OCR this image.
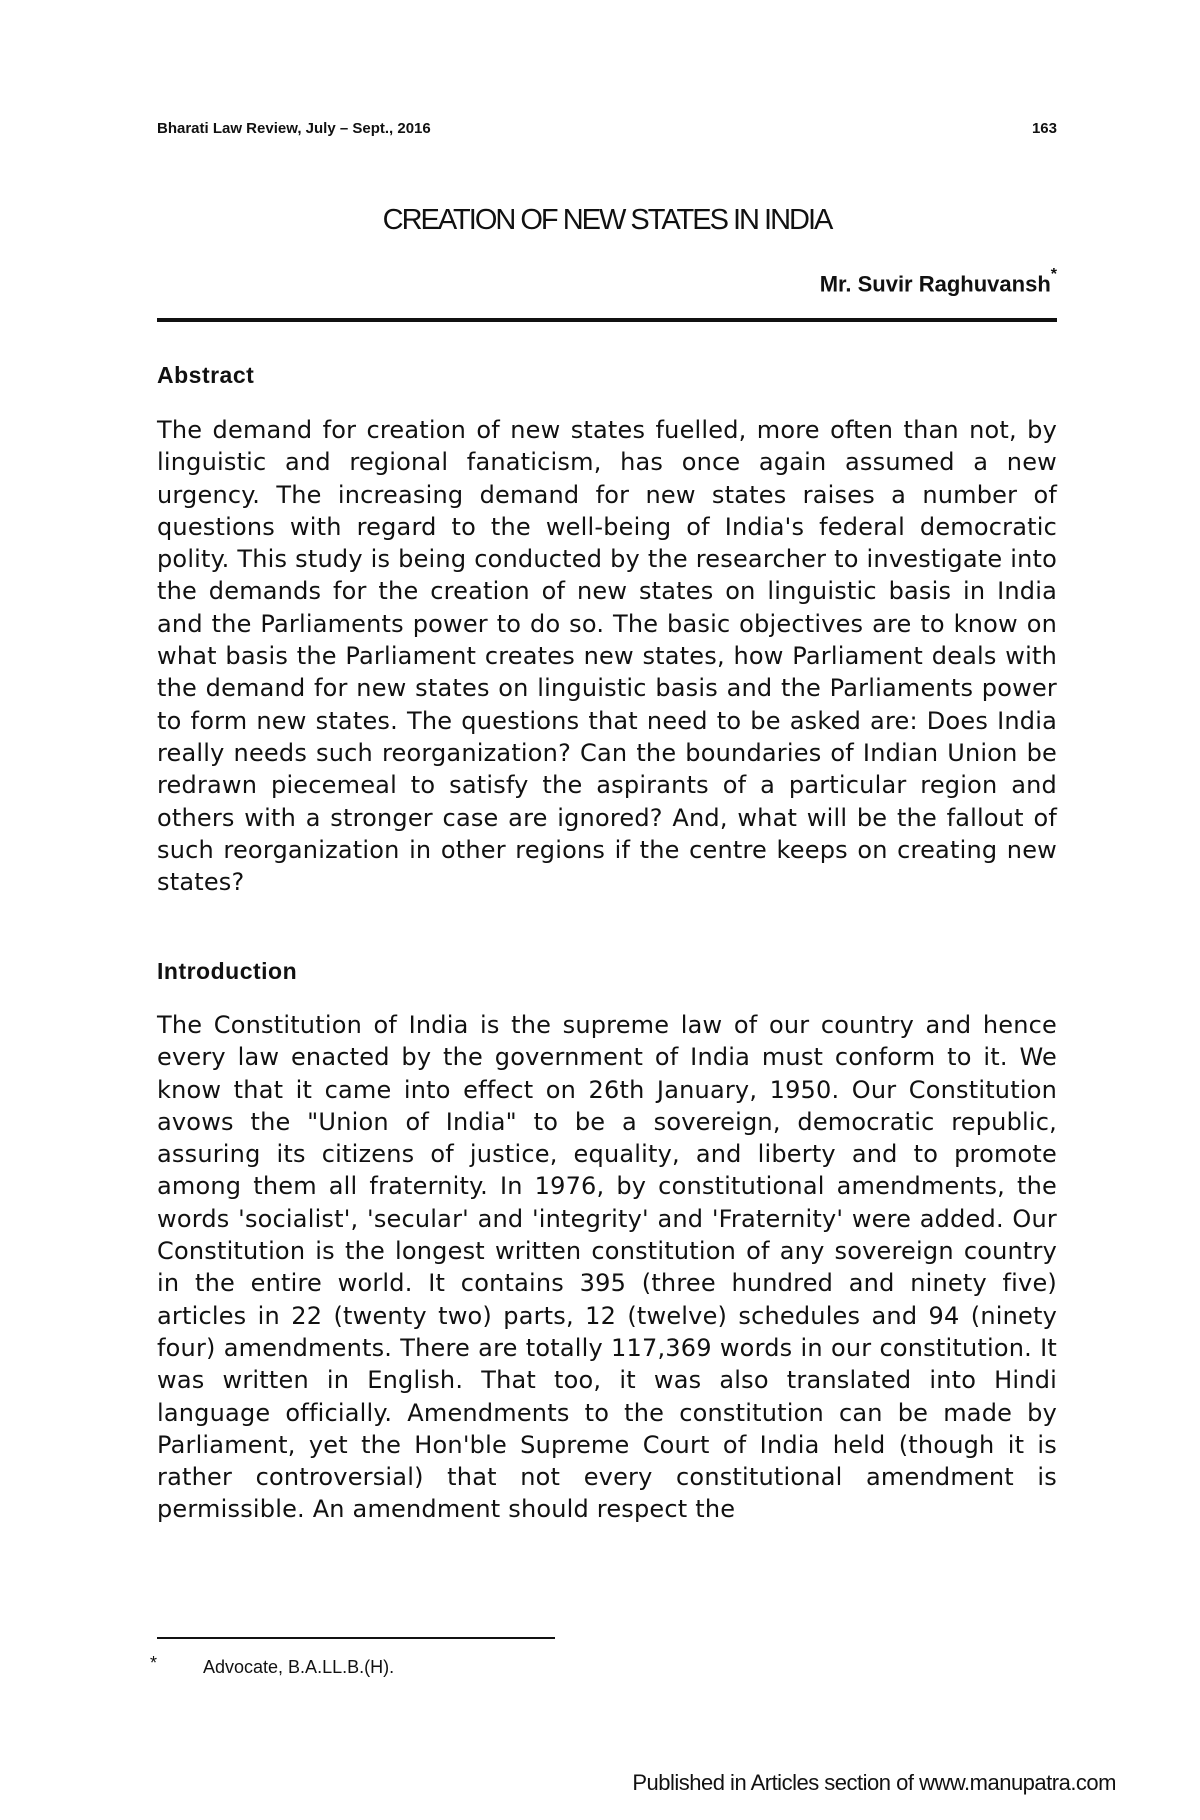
Bharati Law Review, July – Sept., 2016	163
CREATION OF NEW STATES IN INDIA
Mr. Suvir Raghuvansh*
Abstract
The demand for creation of new states fuelled, more often than not, by linguistic and regional fanaticism, has once again assumed a new urgency. The increasing demand for new states raises a number of questions with regard to the well-being of India's federal democratic polity. This study is being conducted by the researcher to investigate into the demands for the creation of new states on linguistic basis in India and the Parliaments power to do so. The basic objectives are to know on what basis the Parliament creates new states, how Parliament deals with the demand for new states on linguistic basis and the Parliaments power to form new states. The questions that need to be asked are: Does India really needs such reorganization? Can the boundaries of Indian Union be redrawn piecemeal to satisfy the aspirants of a particular region and others with a stronger case are ignored? And, what will be the fallout of such reorganization in other regions if the centre keeps on creating new states?
Introduction
The Constitution of India is the supreme law of our country and hence every law enacted by the government of India must conform to it. We know that it came into effect on 26th January, 1950. Our Constitution avows the "Union of India" to be a sovereign, democratic republic, assuring its citizens of justice, equality, and liberty and to promote among them all fraternity. In 1976, by constitutional amendments, the words 'socialist', 'secular' and 'integrity' and 'Fraternity' were added. Our Constitution is the longest written constitution of any sovereign country in the entire world. It contains 395 (three hundred and ninety five) articles in 22 (twenty two) parts, 12 (twelve) schedules and 94 (ninety four) amendments. There are totally 117,369 words in our constitution. It was written in English. That too, it was also translated into Hindi language officially. Amendments to the constitution can be made by Parliament, yet the Hon'ble Supreme Court of India held (though it is rather controversial) that not every constitutional amendment is permissible. An amendment should respect the
*	Advocate, B.A.LL.B.(H).
Published in Articles section of www.manupatra.com
